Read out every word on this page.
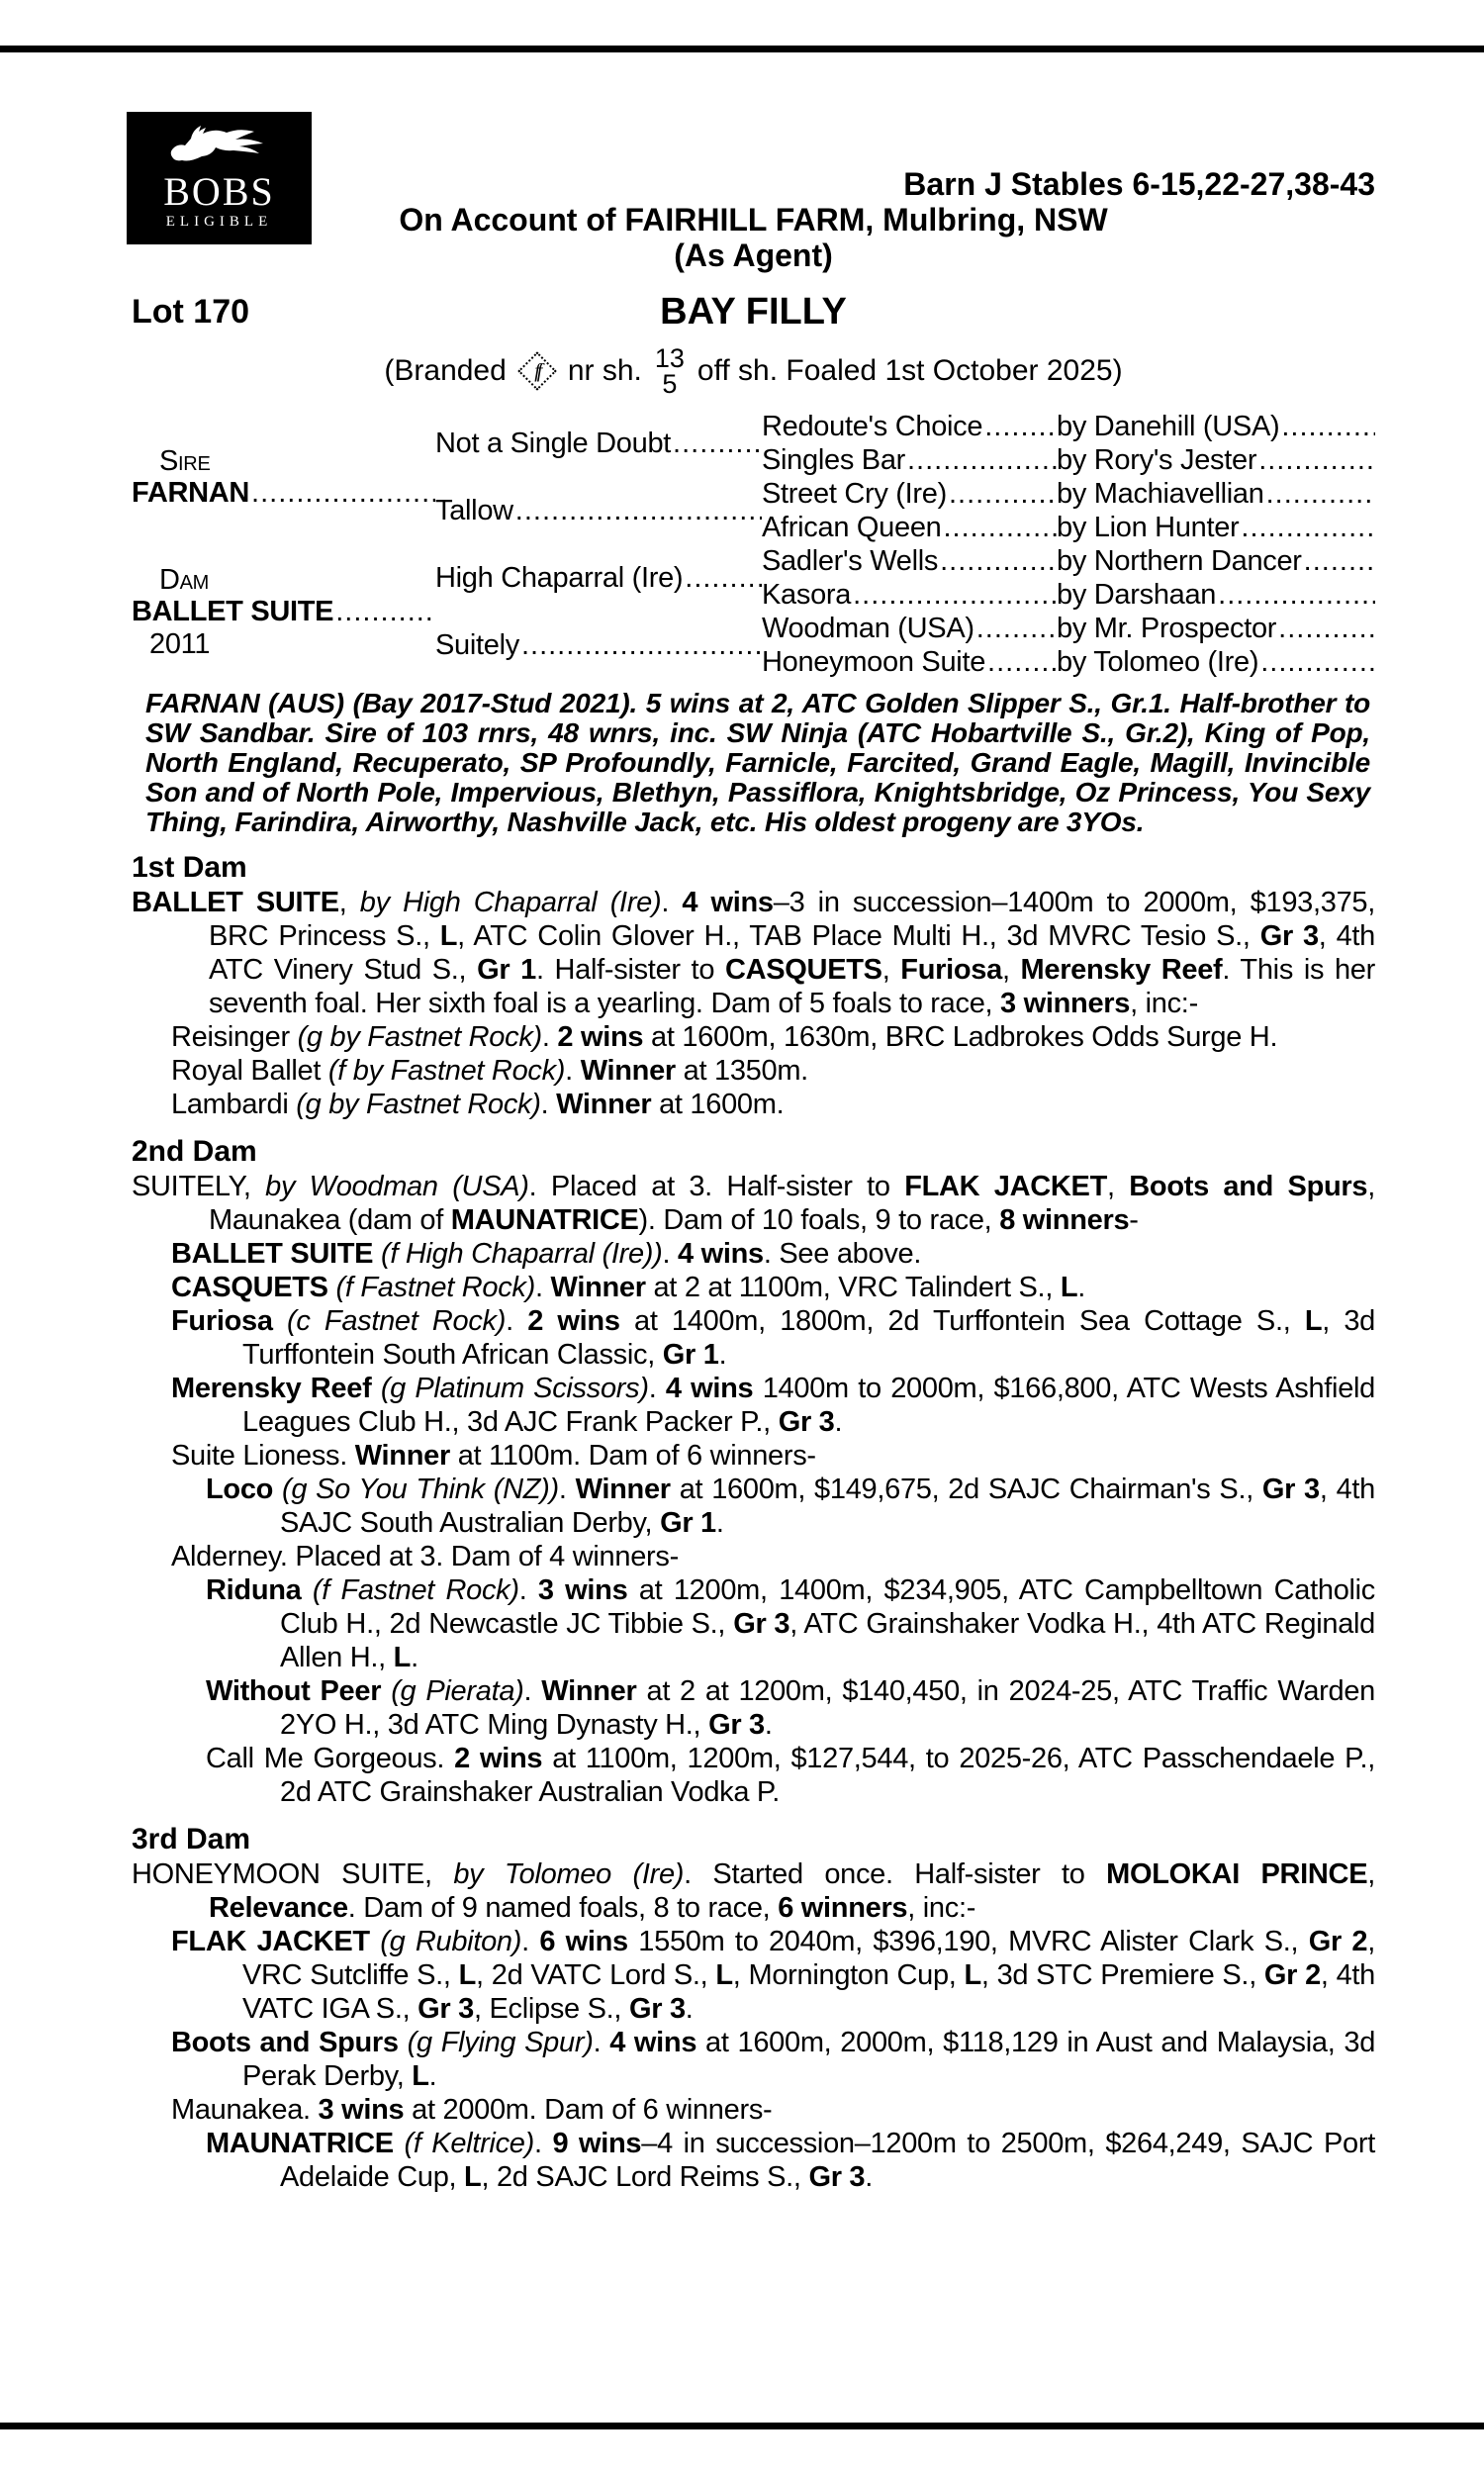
BOBS
ELIGIBLE
Barn J Stables 6-15,22-27,38-43
On Account of FAIRHILL FARM, Mulbring, NSW
(As Agent)
Lot 170	BAY FILLY
(Branded	ff nr sh. 13
5 off sh. Foaled 1st October 2025)
Sire
FARNAN
.....
Dam
BALLET SUITE
.....
2011
Not a Single Doubt
.....
Tallow
.....
High Chaparral (Ire)
.....
Suitely
.....
Redoute's Choice
.....
Singles Bar
.....
Street Cry (Ire)
.....
African Queen
.....
Sadler's Wells
.....
Kasora
.....
Woodman (USA)
.....
Honeymoon Suite
.....
by Danehill (USA)
.....
by Rory's Jester
.....
by Machiavellian
.....
by Lion Hunter
.....
by Northern Dancer
.....
by Darshaan
.....
by Mr. Prospector
.....
by Tolomeo (Ire)
.....
FARNAN (AUS) (Bay 2017-Stud 2021). 5 wins at 2, ATC Golden Slipper S., Gr.1. Half-brother to SW Sandbar. Sire of 103 rnrs, 48 wnrs, inc. SW Ninja (ATC Hobartville S., Gr.2), King of Pop, North England, Recuperato, SP Profoundly, Farnicle, Farcited, Grand Eagle, Magill, Invincible Son and of North Pole, Impervious, Blethyn, Passiflora, Knightsbridge, Oz Princess, You Sexy Thing, Farindira, Airworthy, Nashville Jack, etc. His oldest progeny are 3YOs.
1st Dam
BALLET SUITE, by High Chaparral (Ire). 4 wins–3 in succession–1400m to 2000m, $193,375, BRC Princess S., L, ATC Colin Glover H., TAB Place Multi H., 3d MVRC Tesio S., Gr 3, 4th ATC Vinery Stud S., Gr 1. Half-sister to CASQUETS, Furiosa, Merensky Reef. This is her seventh foal. Her sixth foal is a yearling. Dam of 5 foals to race, 3 winners, inc:-
Reisinger (g by Fastnet Rock). 2 wins at 1600m, 1630m, BRC Ladbrokes Odds Surge H.
Royal Ballet (f by Fastnet Rock). Winner at 1350m.
Lambardi (g by Fastnet Rock). Winner at 1600m.
2nd Dam
SUITELY, by Woodman (USA). Placed at 3. Half-sister to FLAK JACKET, Boots and Spurs, Maunakea (dam of MAUNATRICE). Dam of 10 foals, 9 to race, 8 winners-
BALLET SUITE (f High Chaparral (Ire)). 4 wins. See above.
CASQUETS (f Fastnet Rock). Winner at 2 at 1100m, VRC Talindert S., L.
Furiosa (c Fastnet Rock). 2 wins at 1400m, 1800m, 2d Turffontein Sea Cottage S., L, 3d Turffontein South African Classic, Gr 1.
Merensky Reef (g Platinum Scissors). 4 wins 1400m to 2000m, $166,800, ATC Wests Ashfield Leagues Club H., 3d AJC Frank Packer P., Gr 3.
Suite Lioness. Winner at 1100m. Dam of 6 winners-
Loco (g So You Think (NZ)). Winner at 1600m, $149,675, 2d SAJC Chairman's S., Gr 3, 4th SAJC South Australian Derby, Gr 1.
Alderney. Placed at 3. Dam of 4 winners-
Riduna (f Fastnet Rock). 3 wins at 1200m, 1400m, $234,905, ATC Campbelltown Catholic Club H., 2d Newcastle JC Tibbie S., Gr 3, ATC Grainshaker Vodka H., 4th ATC Reginald Allen H., L.
Without Peer (g Pierata). Winner at 2 at 1200m, $140,450, in 2024-25, ATC Traffic Warden 2YO H., 3d ATC Ming Dynasty H., Gr 3.
Call Me Gorgeous. 2 wins at 1100m, 1200m, $127,544, to 2025-26, ATC Passchendaele P., 2d ATC Grainshaker Australian Vodka P.
3rd Dam
HONEYMOON SUITE, by Tolomeo (Ire). Started once. Half-sister to MOLOKAI PRINCE, Relevance. Dam of 9 named foals, 8 to race, 6 winners, inc:-
FLAK JACKET (g Rubiton). 6 wins 1550m to 2040m, $396,190, MVRC Alister Clark S., Gr 2, VRC Sutcliffe S., L, 2d VATC Lord S., L, Mornington Cup, L, 3d STC Premiere S., Gr 2, 4th VATC IGA S., Gr 3, Eclipse S., Gr 3.
Boots and Spurs (g Flying Spur). 4 wins at 1600m, 2000m, $118,129 in Aust and Malaysia, 3d Perak Derby, L.
Maunakea. 3 wins at 2000m. Dam of 6 winners-
MAUNATRICE (f Keltrice). 9 wins–4 in succession–1200m to 2500m, $264,249, SAJC Port Adelaide Cup, L, 2d SAJC Lord Reims S., Gr 3.
